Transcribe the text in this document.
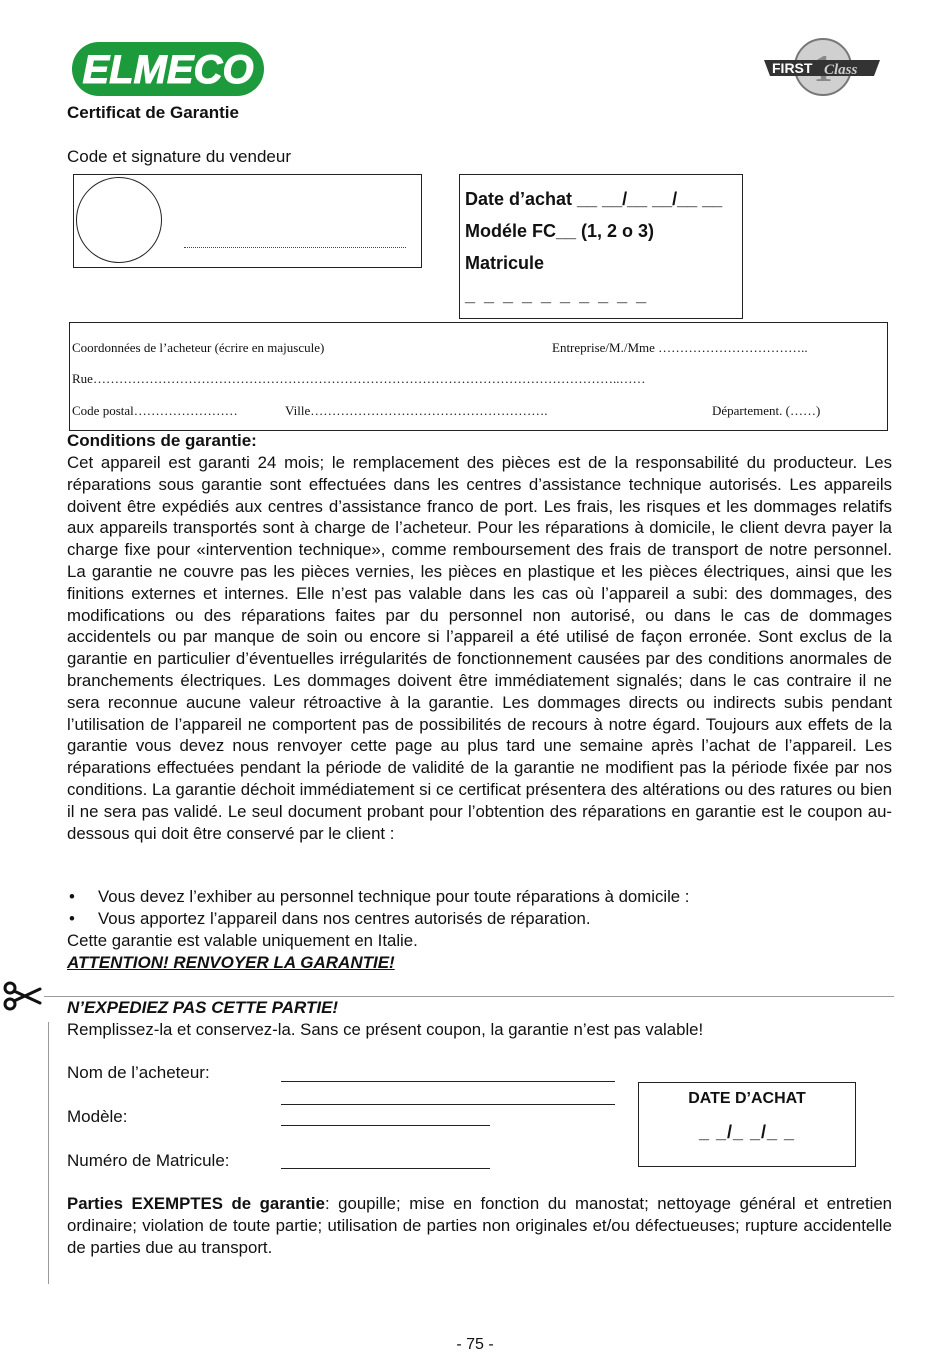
ELMECO	FIRST Class
Certificat de Garantie
Code et signature du vendeur
Date d’achat __ __/__ __/__ __
Modéle FC__ (1, 2 o 3)
Matricule
_ _ _ _ _ _ _ _ _ _
Coordonnées de l’acheteur (écrire en majuscule)	Entreprise/M./Mme ……………………………..
Rue…………………………………………………………………………………………………………..……
Code postal……………………	Ville……………………………………………….	Département. (……)
Conditions de garantie:
Cet appareil est garanti 24 mois; le remplacement des pièces est de la responsabilité du producteur. Les réparations sous garantie sont effectuées dans les centres d’assistance technique autorisés. Les appareils doivent être expédiés aux centres d’assistance franco de port. Les frais, les risques et les dommages relatifs aux appareils transportés sont à charge de l’acheteur. Pour les réparations à domicile, le client devra payer la charge fixe pour «intervention technique», comme remboursement des frais de transport de notre personnel. La garantie ne couvre pas les pièces vernies, les pièces en plastique et les pièces électriques, ainsi que les finitions externes et internes. Elle n’est pas valable dans les cas où l’appareil a subi: des dommages, des modifications ou des réparations faites par du personnel non autorisé, ou dans le cas de dommages accidentels ou par manque de soin ou encore si l’appareil a été utilisé de façon erronée. Sont exclus de la garantie en particulier d’éventuelles irrégularités de fonctionnement causées par des conditions anormales de branchements électriques. Les dommages doivent être immédiatement signalés; dans le cas contraire il ne sera reconnue aucune valeur rétroactive à la garantie. Les dommages directs ou indirects subis pendant l’utilisation de l’appareil ne comportent pas de possibilités de recours à notre égard. Toujours aux effets de la garantie vous devez nous renvoyer cette page au plus tard une semaine après l’achat de l’appareil. Les réparations effectuées pendant la période de validité de la garantie ne modifient pas la période fixée par nos conditions. La garantie déchoit immédiatement si ce certificat présentera des altérations ou des ratures ou bien il ne sera pas validé. Le seul document probant pour l’obtention des réparations en garantie est le coupon au-dessous qui doit être conservé par le client :
• Vous devez l’exhiber au personnel technique pour toute réparations à domicile :
• Vous apportez l’appareil dans nos centres autorisés de réparation.
Cette garantie est valable uniquement en Italie.
ATTENTION! RENVOYER LA GARANTIE!
N’EXPEDIEZ PAS CETTE PARTIE!
Remplissez-la et conservez-la. Sans ce présent coupon, la garantie n’est pas valable!
Nom de l’acheteur:
Modèle:
Numéro de Matricule:
DATE D’ACHAT
_ _/_ _/_ _
Parties EXEMPTES de garantie: goupille; mise en fonction du manostat; nettoyage général et entretien ordinaire; violation de toute partie; utilisation de parties non originales et/ou défectueuses; rupture accidentelle de parties due au transport.
- 75 -
